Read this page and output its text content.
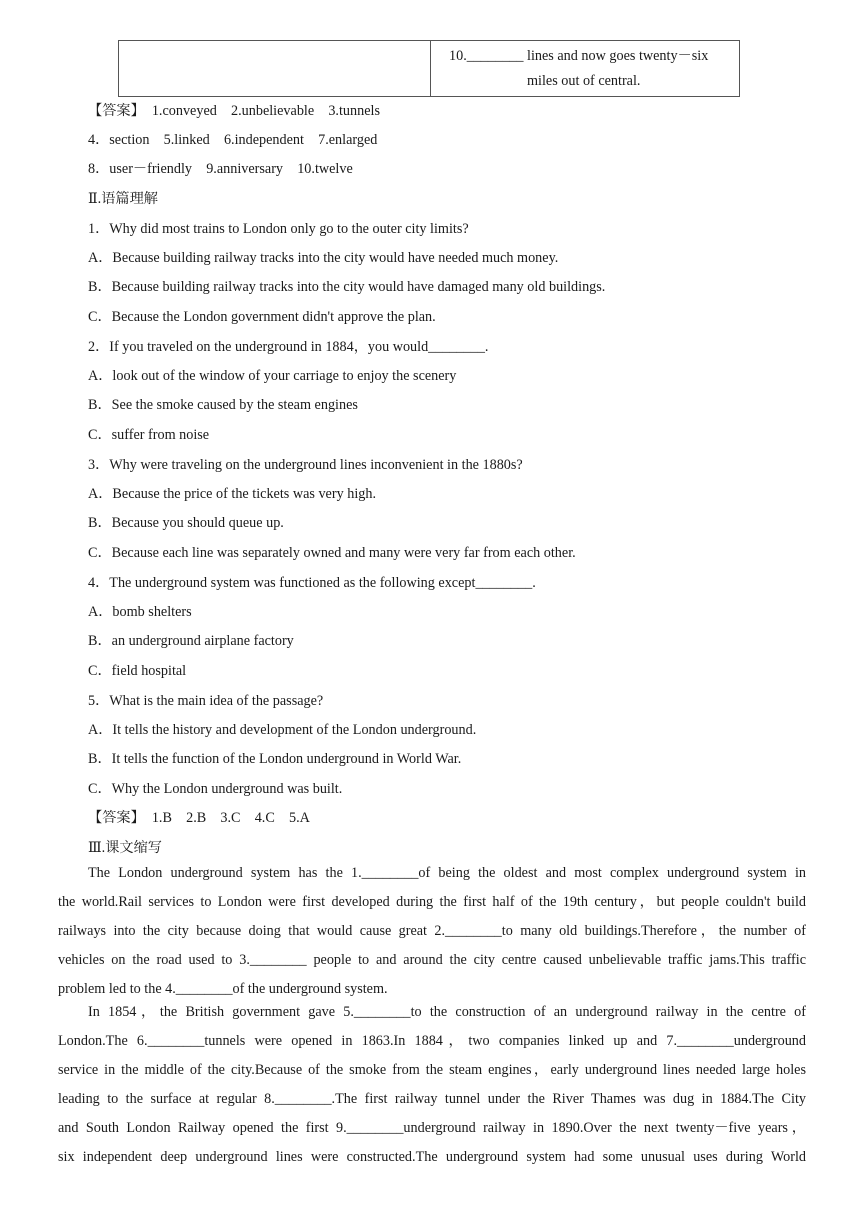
10.________ lines and now goes twenty－six
miles out of central.
【答案】　1.conveyed　2.unbelievable　3.tunnels
4．section　5.linked　6.independent　7.enlarged
8．user－friendly　9.anniversary　10.twelve
Ⅱ.语篇理解
1．Why did most trains to London only go to the outer city limits?
A．Because building railway tracks into the city would have needed much money.
B．Because building railway tracks into the city would have damaged many old buildings.
C．Because the London government didn't approve the plan.
2．If you traveled on the underground in 1884，you would________.
A．look out of the window of your carriage to enjoy the scenery
B．See the smoke caused by the steam engines
C．suffer from noise
3．Why were traveling on the underground lines inconvenient in the 1880s?
A．Because the price of the tickets was very high.
B．Because you should queue up.
C．Because each line was separately owned and many were very far from each other.
4．The underground system was functioned as the following except________.
A．bomb shelters
B．an underground airplane factory
C．field hospital
5．What is the main idea of the passage?
A．It tells the history and development of the London underground.
B．It tells the function of the London underground in World War.
C．Why the London underground was built.
【答案】　1.B　2.B　3.C　4.C　5.A
Ⅲ.课文缩写
The London underground system has the 1.________of being the oldest and most complex underground system in
the world.Rail services to London were first developed during the first half of the 19th century，but people couldn't build
railways into the city because doing that would cause great 2.________to many old buildings.Therefore，the number of
vehicles on the road used to 3.________ people to and around the city centre caused unbelievable traffic jams.This traffic
problem led to the 4.________of the underground system.
In 1854，the British government gave 5.________to the construction of an underground railway in the centre of
London.The 6.________tunnels were opened in 1863.In 1884，two companies linked up and 7.________underground
service in the middle of the city.Because of the smoke from the steam engines，early underground lines needed large holes
leading to the surface at regular 8.________.The first railway tunnel under the River Thames was dug in 1884.The City
and South London Railway opened the first 9.________underground railway in 1890.Over the next twenty－five years，
six independent deep underground lines were constructed.The underground system had some unusual uses during World
